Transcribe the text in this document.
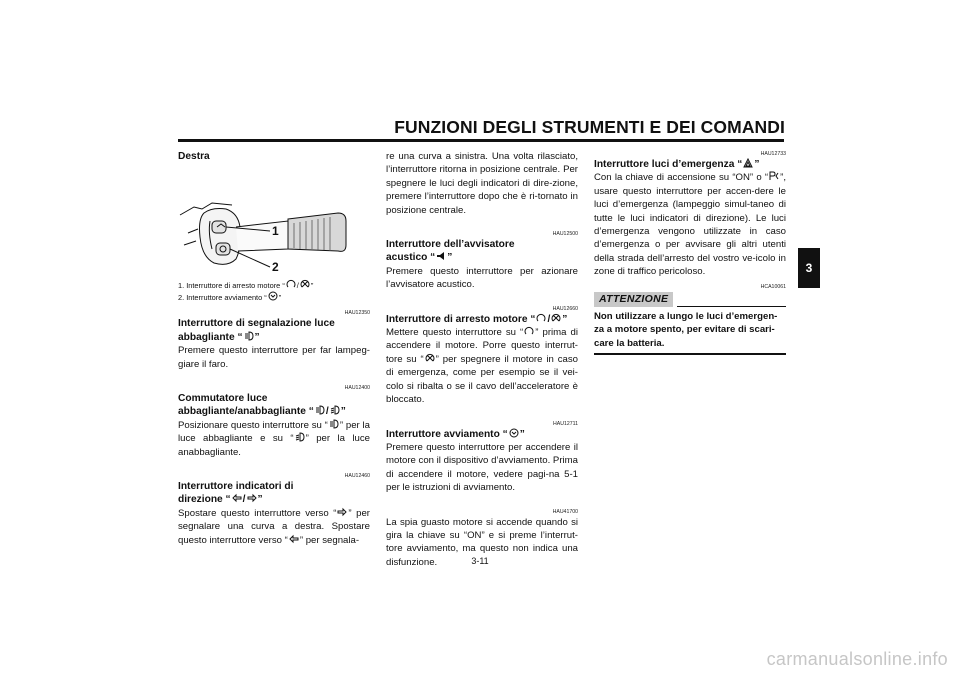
FUNZIONI DEGLI STRUMENTI E DEI COMANDI
3

Destra

1
2
1. Interruttore di arresto motore “ / ”
2. Interruttore avviamento “ ”

HAU12350

Interruttore di segnalazione luce
abbagliante “ ”

Premere questo interruttore per far lampeg-giare il faro.

HAU12400

Commutatore luce
abbagliante/anabbagliante “ / ”

Posizionare questo interruttore su “ ” per la luce abbagliante e su “ ” per la luce anabbagliante.

HAU12460

Interruttore indicatori di
direzione “ / ”

Spostare questo interruttore verso “ ” per segnalare una curva a destra. Spostare questo interruttore verso “ ” per segnala-

re una curva a sinistra. Una volta rilasciato, l’interruttore ritorna in posizione centrale. Per spegnere le luci degli indicatori di dire-zione, premere l’interruttore dopo che è ri-tornato in posizione centrale.

HAU12500

Interruttore dell’avvisatore
acustico “ ”

Premere questo interruttore per azionare l’avvisatore acustico.

HAU12660

Interruttore di arresto motore “ / ”

Mettere questo interruttore su “ ” prima di accendere il motore. Porre questo interrut-tore su “ ” per spegnere il motore in caso di emergenza, come per esempio se il vei-colo si ribalta o se il cavo dell’acceleratore è bloccato.

HAU12711

Interruttore avviamento “ ”

Premere questo interruttore per accendere il motore con il dispositivo d’avviamento. Prima di accendere il motore, vedere pagi-na 5-1 per le istruzioni di avviamento.

HAU41700

La spia guasto motore si accende quando si gira la chiave su “ON” e si preme l’interrut-tore avviamento, ma questo non indica una disfunzione.

HAU12733

Interruttore luci d’emergenza “ ”

Con la chiave di accensione su “ON” o “ ”, usare questo interruttore per accen-dere le luci d’emergenza (lampeggio simul-taneo di tutte le luci indicatori di direzione). Le luci d’emergenza vengono utilizzate in caso d’emergenza o per avvisare gli altri utenti della strada dell’arresto del vostro ve-icolo in zone di traffico pericoloso.

HCA10061

ATTENZIONE

Non utilizzare a lungo le luci d’emergen-za a motore spento, per evitare di scari-care la batteria.

3-11
carmanualsonline.info
